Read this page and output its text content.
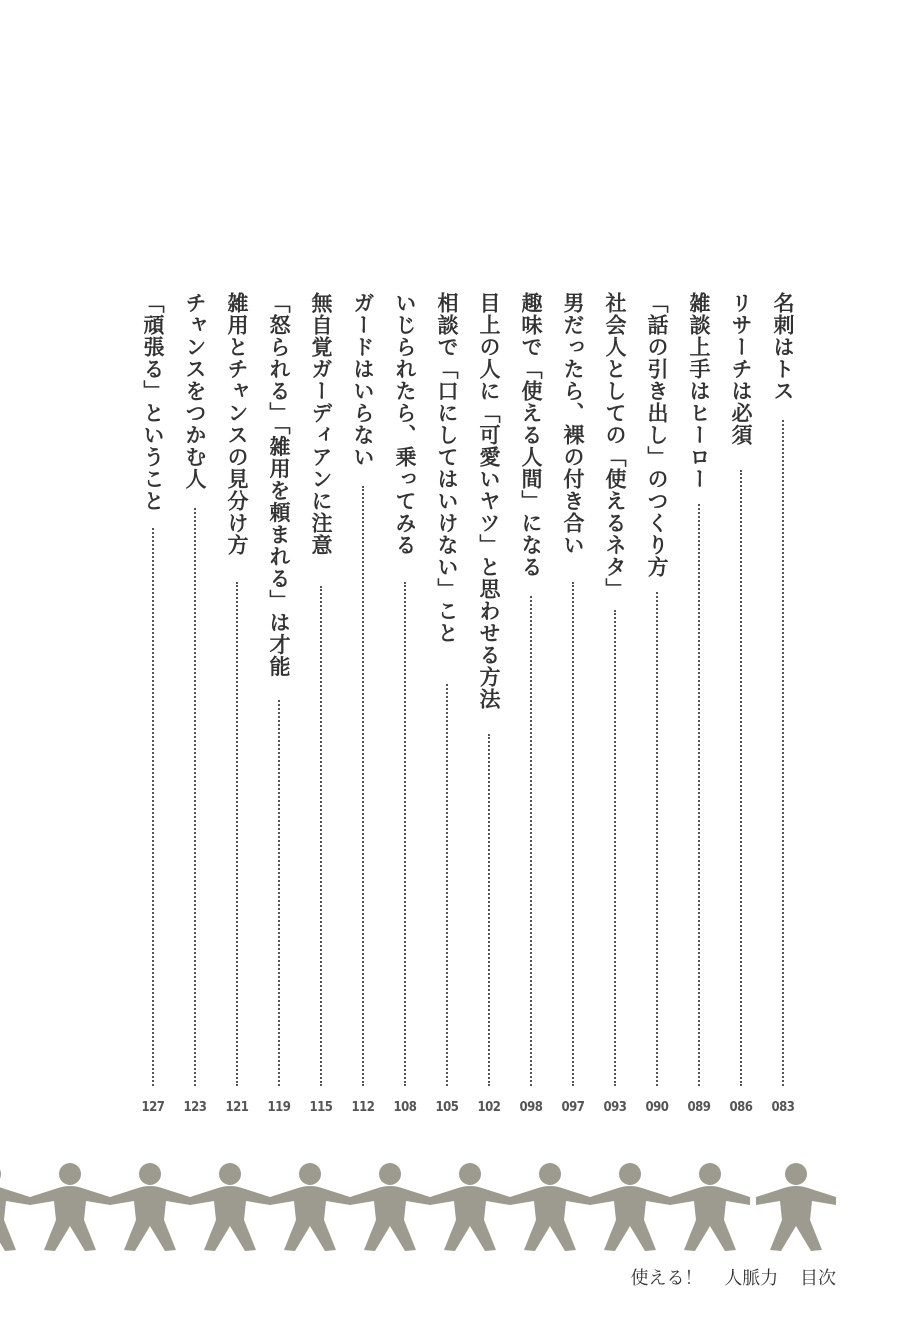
名刺はトス
083
リサーチは必須
086
雑談上手はヒーロー
089
「話の引き出し」のつくり方
090
社会人としての「使えるネタ」
093
男だったら、裸の付き合い
097
趣味で「使える人間」になる
098
目上の人に「可愛いヤツ」と思わせる方法
102
相談で「口にしてはいけない」こと
105
いじられたら、乗ってみる
108
ガードはいらない
112
無自覚ガーディアンに注意
115
「怒られる」「雑用を頼まれる」は才能
119
雑用とチャンスの見分け方
121
チャンスをつかむ人
123
「頑張る」ということ
127
使える！ 人脈力 目次
